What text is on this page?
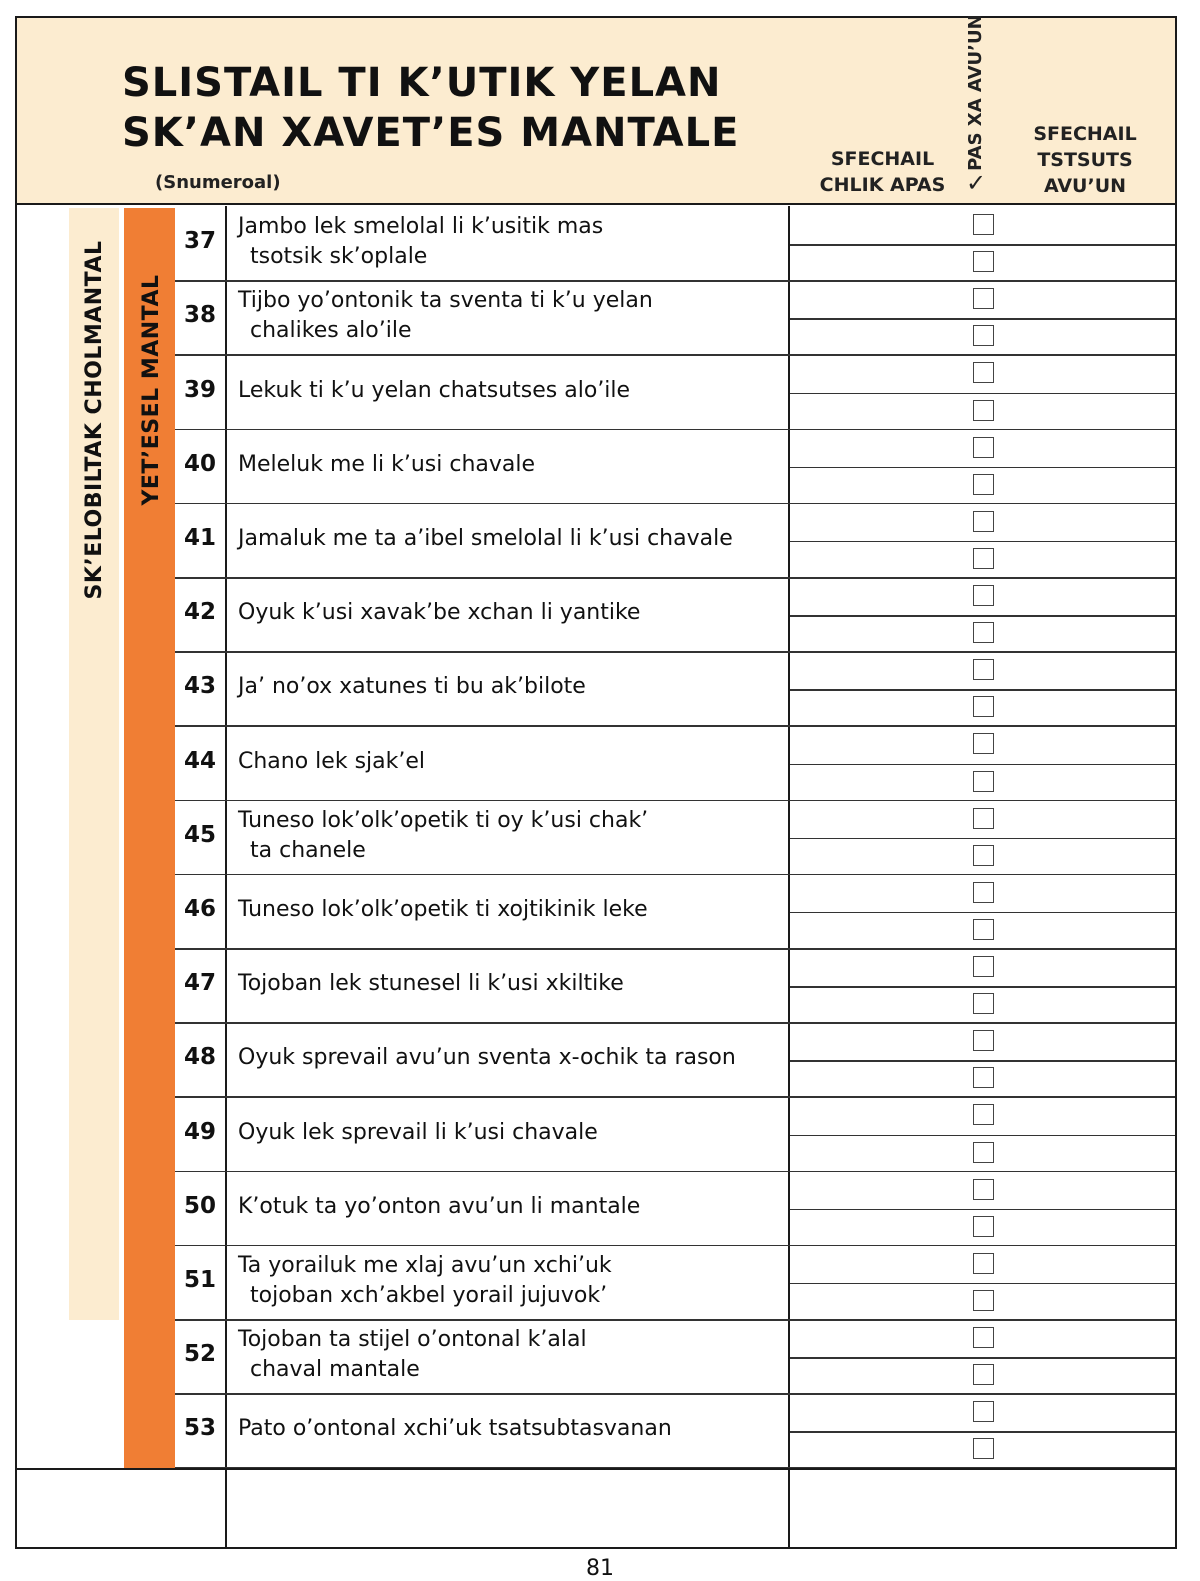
SLISTAIL TI K’UTIK YELAN
SK’AN XAVET’ES MANTALE
(Snumeroal)
SFECHAIL
CHLIK APAS ✓
PAS XA AVU’UN	SFECHAIL
TSTSUTS
AVU’UN
SK’ELOBILTAK CHOLMANTAL	YET’ESEL MANTAL
37
Jambo lek smelolal li k’usitik mas
tsotsik sk’oplale
38
Tijbo yo’ontonik ta sventa ti k’u yelan
chalikes alo’ile
39 Lekuk ti k’u yelan chatsutses alo’ile
40 Meleluk me li k’usi chavale
41 Jamaluk me ta a’ibel smelolal li k’usi chavale
42 Oyuk k’usi xavak’be xchan li yantike
43 Ja’ no’ox xatunes ti bu ak’bilote
44 Chano lek sjak’el
45
Tuneso lok’olk’opetik ti oy k’usi chak’
ta chanele
46 Tuneso lok’olk’opetik ti xojtikinik leke
47 Tojoban lek stunesel li k’usi xkiltike
48 Oyuk sprevail avu’un sventa x-ochik ta rason
49 Oyuk lek sprevail li k’usi chavale
50 K’otuk ta yo’onton avu’un li mantale
51
Ta yorailuk me xlaj avu’un xchi’uk
tojoban xch’akbel yorail jujuvok’
52
Tojoban ta stijel o’ontonal k’alal
chaval mantale
53 Pato o’ontonal xchi’uk tsatsubtasvanan
81
